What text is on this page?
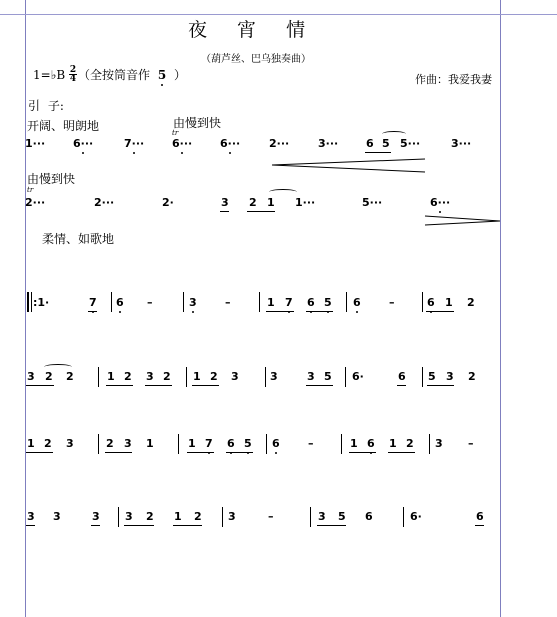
夜 宵 情
（葫芦丝、巴乌独奏曲）
1=♭B 2
4 （全按筒音作 5 ）	作曲：我爱我妻
引 子:
开阔、明朗地	由慢到快
tr
1···	6···	7···	6···	6···	2···	3···	6 5 5···	3···
由慢到快
tr
2···	2···	2·	3 2 1 1···	5···	6···
柔情、如歌地
:1·	7 6 –	3	–	1 7 6 5 6	–	6 1 2
3 2 2	1 2 3 2 1 2 3	3	3 5 6·	6 5 3 2
1 2 3	2 3 1	1 7 6 5 6	–	1 6 1 2 3 –
3 3	3 3 2 1 2 3	–	3 5 6	6·	6
